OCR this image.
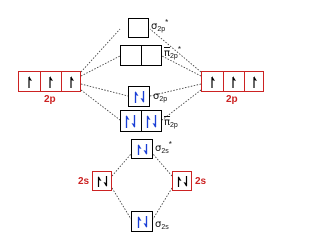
2p	2p
$\sigma_{2p}^*$
$\overline{\pi}_{2p}^*$
$\sigma_{2p}$
$\overline{\pi}_{2p}$
$\sigma_{2s}^*$
2s	2s
$\sigma_{2s}$
